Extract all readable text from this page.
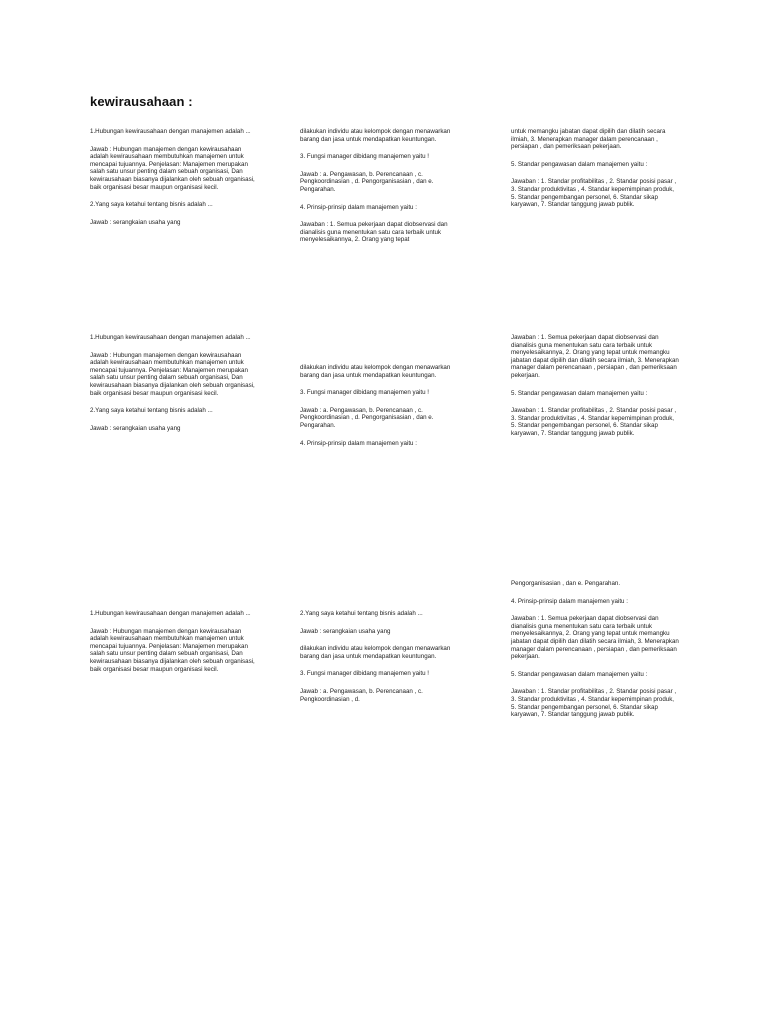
kewirausahaan :

1.Hubungan kewirausahaan dengan manajemen adalah ...

Jawab : Hubungan manajemen dengan kewirausahaan adalah kewirausahaan membutuhkan manajemen untuk mencapai tujuannya. Penjelasan: Manajemen merupakan salah satu unsur penting dalam sebuah organisasi, Dan kewirausahaan biasanya dijalankan oleh sebuah organisasi, baik organisasi besar maupun organisasi kecil.

2.Yang saya ketahui tentang bisnis adalah ...

Jawab : serangkaian usaha yang

dilakukan individu atau kelompok dengan menawarkan barang dan jasa untuk mendapatkan keuntungan.

3. Fungsi manager dibidang manajemen yaitu !

Jawab : a. Pengawasan, b. Perencanaan , c. Pengkoordinasian , d. Pengorganisasian , dan e. Pengarahan.

4. Prinsip-prinsip dalam manajemen yaitu :

Jawaban : 1. Semua pekerjaan dapat diobservasi dan dianalisis guna menentukan satu cara terbaik untuk menyelesaikannya, 2. Orang yang tepat

untuk memangku jabatan dapat dipilih dan dilatih secara ilmiah, 3. Menerapkan manager dalam perencanaan , persiapan , dan pemeriksaan pekerjaan.

5. Standar pengawasan dalam manajemen yaitu :

Jawaban : 1. Standar profitabilitas , 2. Standar posisi pasar , 3. Standar produktivitas , 4. Standar kepemimpinan produk, 5. Standar pengembangan personel, 6. Standar sikap karyawan, 7. Standar tanggung jawab publik.

1.Hubungan kewirausahaan dengan manajemen adalah ...

Jawab : Hubungan manajemen dengan kewirausahaan adalah kewirausahaan membutuhkan manajemen untuk mencapai tujuannya. Penjelasan: Manajemen merupakan salah satu unsur penting dalam sebuah organisasi, Dan kewirausahaan biasanya dijalankan oleh sebuah organisasi, baik organisasi besar maupun organisasi kecil.

2.Yang saya ketahui tentang bisnis adalah ...

Jawab : serangkaian usaha yang

dilakukan individu atau kelompok dengan menawarkan barang dan jasa untuk mendapatkan keuntungan.

3. Fungsi manager dibidang manajemen yaitu !

Jawab : a. Pengawasan, b. Perencanaan , c. Pengkoordinasian , d. Pengorganisasian , dan e. Pengarahan.

4. Prinsip-prinsip dalam manajemen yaitu :

Jawaban : 1. Semua pekerjaan dapat diobservasi dan dianalisis guna menentukan satu cara terbaik untuk menyelesaikannya, 2. Orang yang tepat untuk memangku jabatan dapat dipilih dan dilatih secara ilmiah, 3. Menerapkan manager dalam perencanaan , persiapan , dan pemeriksaan pekerjaan.

5. Standar pengawasan dalam manajemen yaitu :

Jawaban : 1. Standar profitabilitas , 2. Standar posisi pasar , 3. Standar produktivitas , 4. Standar kepemimpinan produk, 5. Standar pengembangan personel, 6. Standar sikap karyawan, 7. Standar tanggung jawab publik.

1.Hubungan kewirausahaan dengan manajemen adalah ...

Jawab : Hubungan manajemen dengan kewirausahaan adalah kewirausahaan membutuhkan manajemen untuk mencapai tujuannya. Penjelasan: Manajemen merupakan salah satu unsur penting dalam sebuah organisasi, Dan kewirausahaan biasanya dijalankan oleh sebuah organisasi, baik organisasi besar maupun organisasi kecil.

2.Yang saya ketahui tentang bisnis adalah ...

Jawab : serangkaian usaha yang

dilakukan individu atau kelompok dengan menawarkan barang dan jasa untuk mendapatkan keuntungan.

3. Fungsi manager dibidang manajemen yaitu !

Jawab : a. Pengawasan, b. Perencanaan , c. Pengkoordinasian , d.

Pengorganisasian , dan e. Pengarahan.

4. Prinsip-prinsip dalam manajemen yaitu :

Jawaban : 1. Semua pekerjaan dapat diobservasi dan dianalisis guna menentukan satu cara terbaik untuk menyelesaikannya, 2. Orang yang tepat untuk memangku jabatan dapat dipilih dan dilatih secara ilmiah, 3. Menerapkan manager dalam perencanaan , persiapan , dan pemeriksaan pekerjaan.

5. Standar pengawasan dalam manajemen yaitu :

Jawaban : 1. Standar profitabilitas , 2. Standar posisi pasar , 3. Standar produktivitas , 4. Standar kepemimpinan produk, 5. Standar pengembangan personel, 6. Standar sikap karyawan, 7. Standar tanggung jawab publik.
